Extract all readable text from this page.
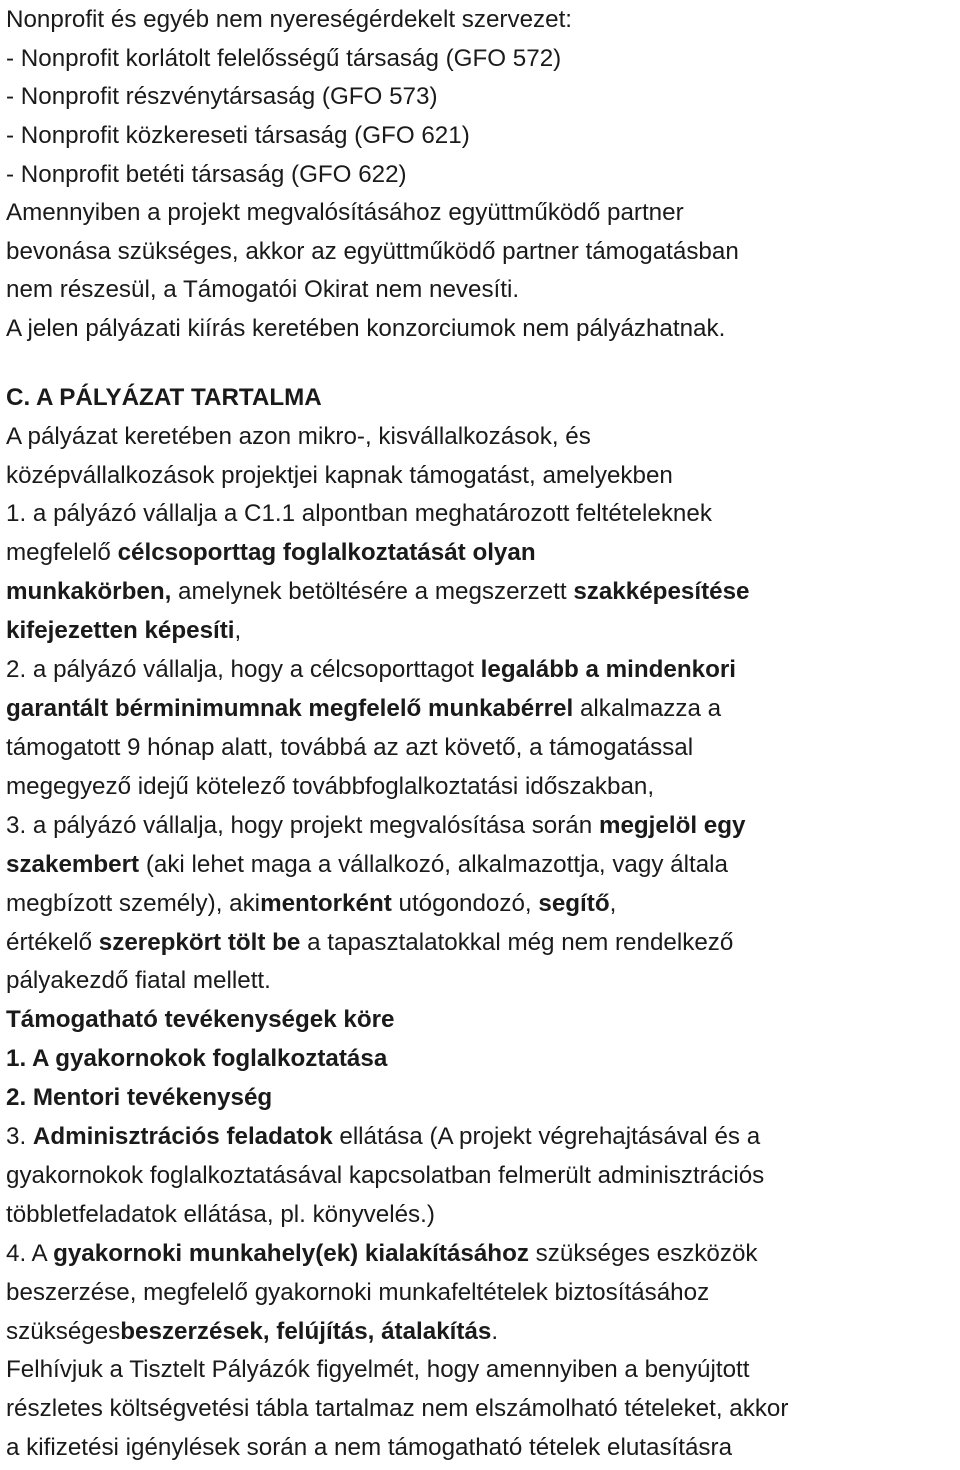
Nonprofit és egyéb nem nyereségérdekelt szervezet:
- Nonprofit korlátolt felelősségű társaság (GFO 572)
- Nonprofit részvénytársaság (GFO 573)
- Nonprofit közkereseti társaság (GFO 621)
- Nonprofit betéti társaság (GFO 622)
Amennyiben a projekt megvalósításához együttműködő partner
bevonása szükséges, akkor az együttműködő partner támogatásban
nem részesül, a Támogatói Okirat nem nevesíti.
A jelen pályázati kiírás keretében konzorciumok nem pályázhatnak.
C. A PÁLYÁZAT TARTALMA
A pályázat keretében azon mikro-, kisvállalkozások, és
középvállalkozások projektjei kapnak támogatást, amelyekben
1. a pályázó vállalja a C1.1 alpontban meghatározott feltételeknek
megfelelő célcsoporttag foglalkoztatását olyan
munkakörben, amelynek betöltésére a megszerzett szakképesítése
kifejezetten képesíti,
2. a pályázó vállalja, hogy a célcsoporttagot legalább a mindenkori
garantált bérminimumnak megfelelő munkabérrel alkalmazza a
támogatott 9 hónap alatt, továbbá az azt követő, a támogatással
megegyező idejű kötelező továbbfoglalkoztatási időszakban,
3. a pályázó vállalja, hogy projekt megvalósítása során megjelöl egy
szakembert (aki lehet maga a vállalkozó, alkalmazottja, vagy általa
megbízott személy), akimentorként utógondozó, segítő,
értékelő szerepkört tölt be a tapasztalatokkal még nem rendelkező
pályakezdő fiatal mellett.
Támogatható tevékenységek köre
1. A gyakornokok foglalkoztatása
2. Mentori tevékenység
3. Adminisztrációs feladatok ellátása (A projekt végrehajtásával és a
gyakornokok foglalkoztatásával kapcsolatban felmerült adminisztrációs
többletfeladatok ellátása, pl. könyvelés.)
4. A gyakornoki munkahely(ek) kialakításához szükséges eszközök
beszerzése, megfelelő gyakornoki munkafeltételek biztosításához
szükségesbeszerzések, felújítás, átalakítás.
Felhívjuk a Tisztelt Pályázók figyelmét, hogy amennyiben a benyújtott
részletes költségvetési tábla tartalmaz nem elszámolható tételeket, akkor
a kifizetési igénylések során a nem támogatható tételek elutasításra
